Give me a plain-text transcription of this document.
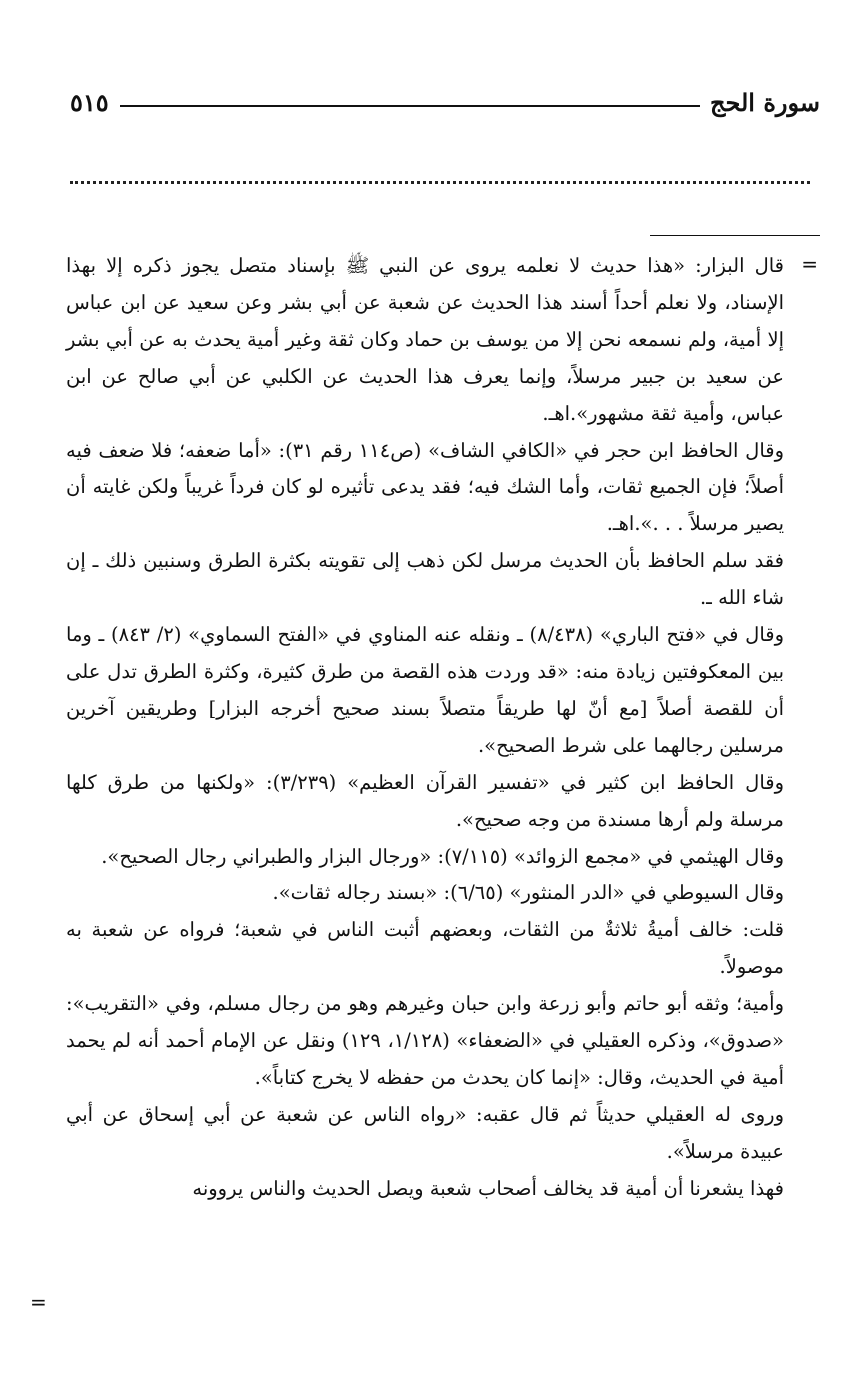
سورة الحج
٥١٥
=

قال البزار: «هذا حديث لا نعلمه يروى عن النبي ﷺ بإسناد متصل يجوز ذكره إلا بهذا الإسناد، ولا نعلم أحداً أسند هذا الحديث عن شعبة عن أبي بشر وعن سعيد عن ابن عباس إلا أمية، ولم نسمعه نحن إلا من يوسف بن حماد وكان ثقة وغير أمية يحدث به عن أبي بشر عن سعيد بن جبير مرسلاً، وإنما يعرف هذا الحديث عن الكلبي عن أبي صالح عن ابن عباس، وأمية ثقة مشهور».اهـ.

وقال الحافظ ابن حجر في «الكافي الشاف» (ص١١٤ رقم ٣١): «أما ضعفه؛ فلا ضعف فيه أصلاً؛ فإن الجميع ثقات، وأما الشك فيه؛ فقد يدعى تأثيره لو كان فرداً غريباً ولكن غايته أن يصير مرسلاً . . .».اهـ.

فقد سلم الحافظ بأن الحديث مرسل لكن ذهب إلى تقويته بكثرة الطرق وسنبين ذلك ـ إن شاء الله ـ.

وقال في «فتح الباري» (٨/٤٣٨) ـ ونقله عنه المناوي في «الفتح السماوي» (٢/ ٨٤٣) ـ وما بين المعكوفتين زيادة منه: «قد وردت هذه القصة من طرق كثيرة، وكثرة الطرق تدل على أن للقصة أصلاً [مع أنّ لها طريقاً متصلاً بسند صحيح أخرجه البزار] وطريقين آخرين مرسلين رجالهما على شرط الصحيح».

وقال الحافظ ابن كثير في «تفسير القرآن العظيم» (٣/٢٣٩): «ولكنها من طرق كلها مرسلة ولم أرها مسندة من وجه صحيح».

وقال الهيثمي في «مجمع الزوائد» (٧/١١٥): «ورجال البزار والطبراني رجال الصحيح».

وقال السيوطي في «الدر المنثور» (٦/٦٥): «بسند رجاله ثقات».

قلت: خالف أميةُ ثلاثةٌ من الثقات، وبعضهم أثبت الناس في شعبة؛ فرواه عن شعبة به موصولاً.

وأمية؛ وثقه أبو حاتم وأبو زرعة وابن حبان وغيرهم وهو من رجال مسلم، وفي «التقريب»: «صدوق»، وذكره العقيلي في «الضعفاء» (١/١٢٨، ١٢٩) ونقل عن الإمام أحمد أنه لم يحمد أمية في الحديث، وقال: «إنما كان يحدث من حفظه لا يخرج كتاباً».

وروى له العقيلي حديثاً ثم قال عقبه: «رواه الناس عن شعبة عن أبي إسحاق عن أبي عبيدة مرسلاً».

فهذا يشعرنا أن أمية قد يخالف أصحاب شعبة ويصل الحديث والناس يروونه

=
